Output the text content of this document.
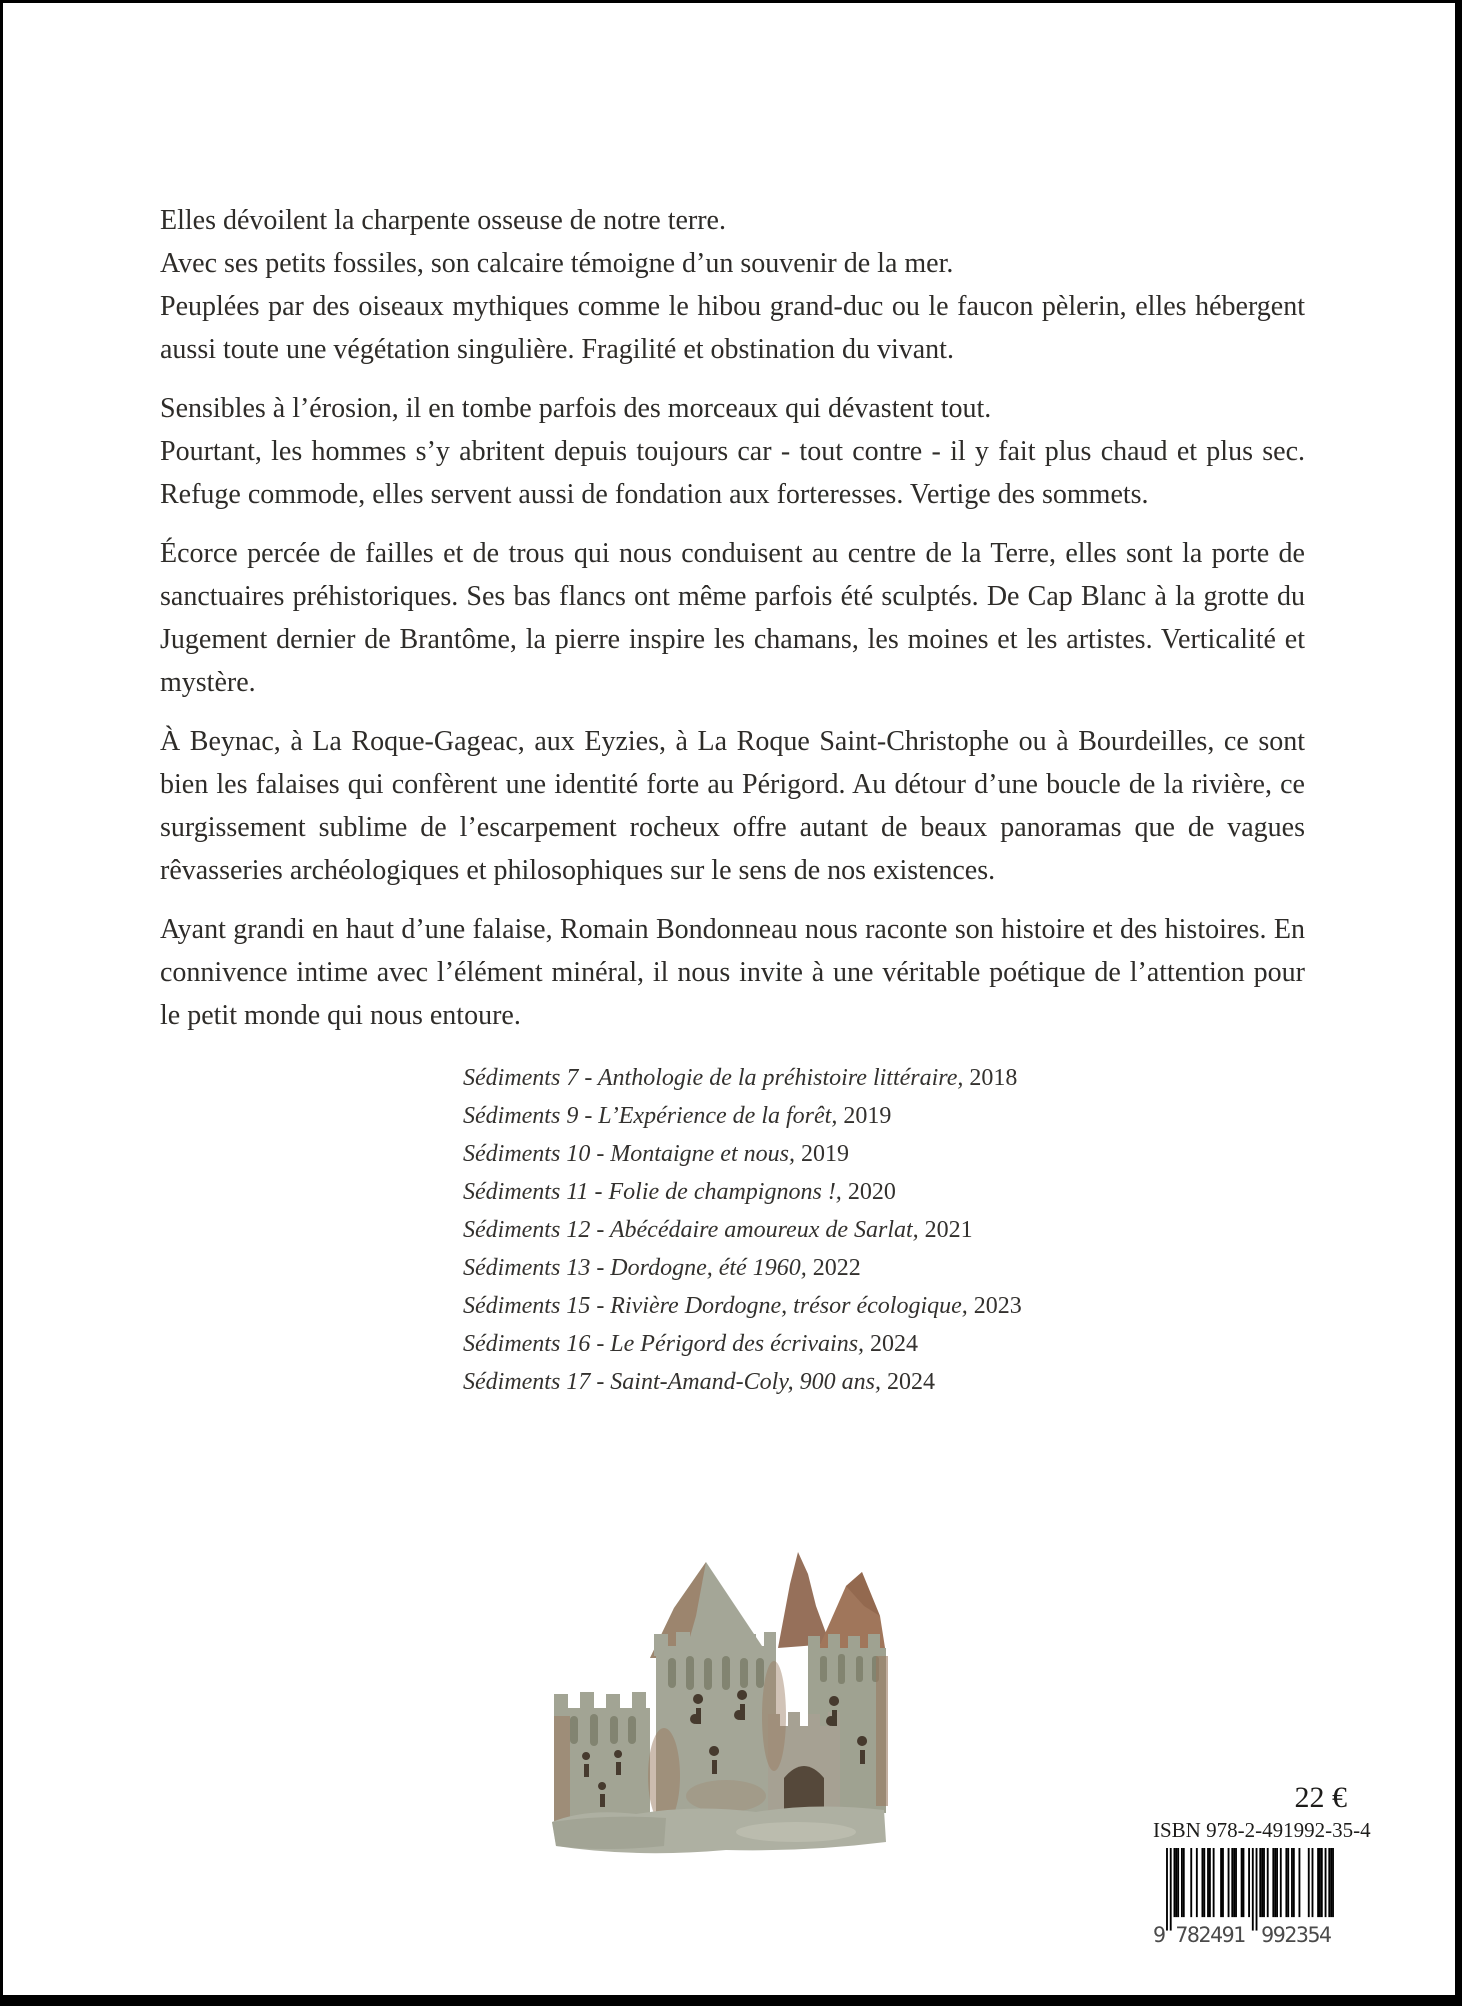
Elles dévoilent la charpente osseuse de notre terre.
Avec ses petits fossiles, son calcaire témoigne d’un souvenir de la mer.
Peuplées par des oiseaux mythiques comme le hibou grand-duc ou le faucon pèlerin, elles hébergent aussi toute une végétation singulière. Fragilité et obstination du vivant.
Sensibles à l’érosion, il en tombe parfois des morceaux qui dévastent tout.
Pourtant, les hommes s’y abritent depuis toujours car - tout contre - il y fait plus chaud et plus sec. Refuge commode, elles servent aussi de fondation aux forteresses. Vertige des sommets.
Écorce percée de failles et de trous qui nous conduisent au centre de la Terre, elles sont la porte de sanctuaires préhistoriques. Ses bas flancs ont même parfois été sculptés. De Cap Blanc à la grotte du Jugement dernier de Brantôme, la pierre inspire les chamans, les moines et les artistes. Verticalité et mystère.
À Beynac, à La Roque-Gageac, aux Eyzies, à La Roque Saint-Christophe ou à Bourdeilles, ce sont bien les falaises qui confèrent une identité forte au Périgord. Au détour d’une boucle de la rivière, ce surgissement sublime de l’escarpement rocheux offre autant de beaux panoramas que de vagues rêvasseries archéologiques et philosophiques sur le sens de nos existences.
Ayant grandi en haut d’une falaise, Romain Bondonneau nous raconte son histoire et des histoires. En connivence intime avec l’élément minéral, il nous invite à une véritable poétique de l’attention pour le petit monde qui nous entoure.
Sédiments 7 - Anthologie de la préhistoire littéraire, 2018
Sédiments 9 - L’Expérience de la forêt, 2019
Sédiments 10 - Montaigne et nous, 2019
Sédiments 11 - Folie de champignons !, 2020
Sédiments 12 - Abécédaire amoureux de Sarlat, 2021
Sédiments 13 - Dordogne, été 1960, 2022
Sédiments 15 - Rivière Dordogne, trésor écologique, 2023
Sédiments 16 - Le Périgord des écrivains, 2024
Sédiments 17 - Saint-Amand-Coly, 900 ans, 2024
22 €
ISBN 978-2-491992-35-4
9 782491 992354
